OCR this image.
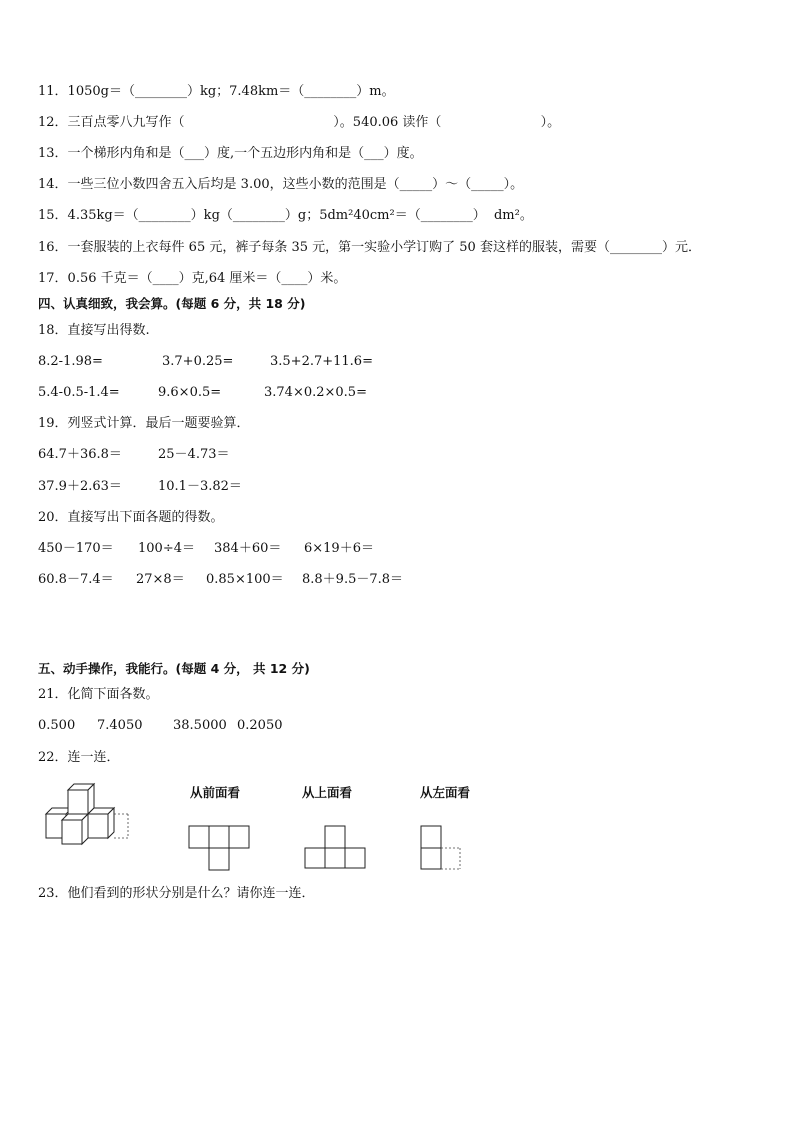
11．1050g＝（________）kg；7.48km＝（________）m。
12．三百点零八九写作（                                    ）。540.06 读作（                        ）。
13．一个梯形内角和是（___）度,一个五边形内角和是（___）度。
14．一些三位小数四舍五入后均是 3.00，这些小数的范围是（_____）～（_____）。
15．4.35kg＝（________）kg（________）g；5dm²40cm²＝（________）  dm²。
16．一套服装的上衣每件 65 元，裤子每条 35 元，第一实验小学订购了 50 套这样的服装，需要（________）元．
17．0.56 千克＝（____）克,64 厘米＝（____）米。
四、认真细致，我会算。(每题 6 分，共 18 分)
18．直接写出得数.
8.2-1.98=	3.7+0.25=	3.5+2.7+11.6=
5.4-0.5-1.4=	9.6×0.5=	3.74×0.2×0.5=
19．列竖式计算．最后一题要验算．
64.7＋36.8＝	25－4.73＝
37.9＋2.63＝	10.1－3.82＝
20．直接写出下面各题的得数。
450－170＝ 100÷4＝ 384＋60＝ 6×19＋6＝
60.8－7.4＝ 27×8＝ 0.85×100＝ 8.8＋9.5－7.8＝
五、动手操作，我能行。(每题 4 分， 共 12 分)
21．化简下面各数。
0.500 7.4050 38.5000 0.2050
22．连一连．
从前面看	从上面看	从左面看
23．他们看到的形状分别是什么？请你连一连．
